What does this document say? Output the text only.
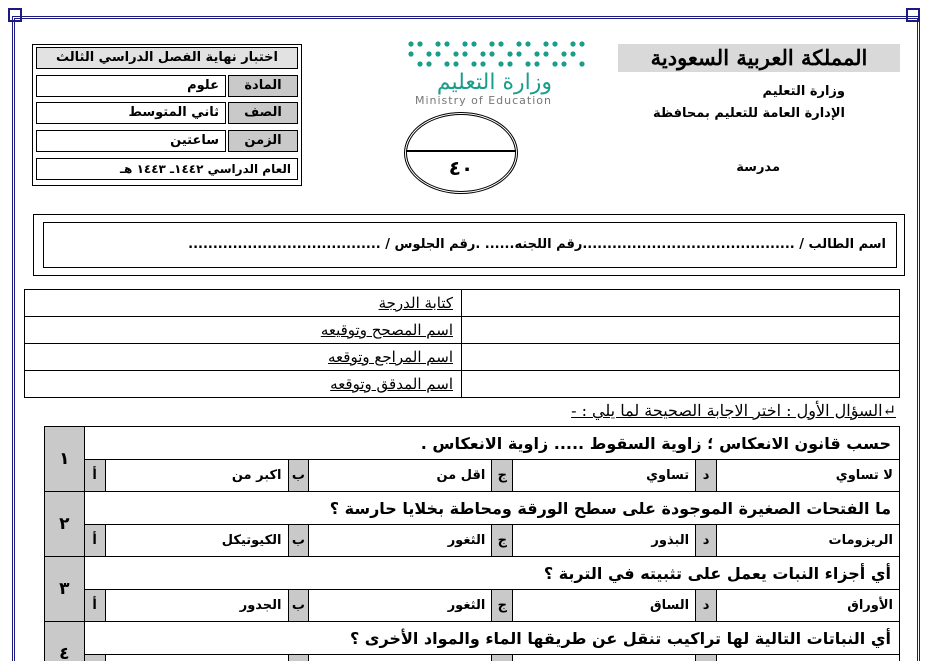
اختبار نهاية الفصل الدراسي الثالث
علوم	المادة
ثاني المتوسط	الصف
ساعتين	الزمن
العام الدراسي ١٤٤٢ـ ١٤٤٣ هـ
وزارة التعليم
Ministry of Education
٤٠
المملكة العربية السعودية
وزارة التعليم
الإدارة العامة للتعليم بمحافظة
مدرسة
اسم الطالب / ...........................................رقم اللجنه...... .رقم الجلوس / .......................................
كتابة الدرجة	
اسم المصحح وتوقيعه	
اسم المراجع وتوقعه	
اسم المدقق وتوقعه	
↵السؤال الأول : اختر الاجابة الصحيحة لما يلي : -
١	حسب قانون الانعكاس ؛ زاوية السقوط ..... زاوية الانعكاس .							
	أ	اكبر من	ب	اقل من	ج	تساوي	د	لا تساوي
٢	ما الفتحات الصغيرة الموجودة على سطح الورقة ومحاطة بخلايا حارسة ؟							
	أ	الكيوتيكل	ب	الثغور	ج	البذور	د	الريزومات
٣	أي أجزاء النبات يعمل على تثبيته في التربة ؟							
	أ	الجدور	ب	الثغور	ج	الساق	د	الأوراق
٤	أي النباتات التالية لها تراكيب تنقل عن طريقها الماء والمواد الأخرى ؟							
